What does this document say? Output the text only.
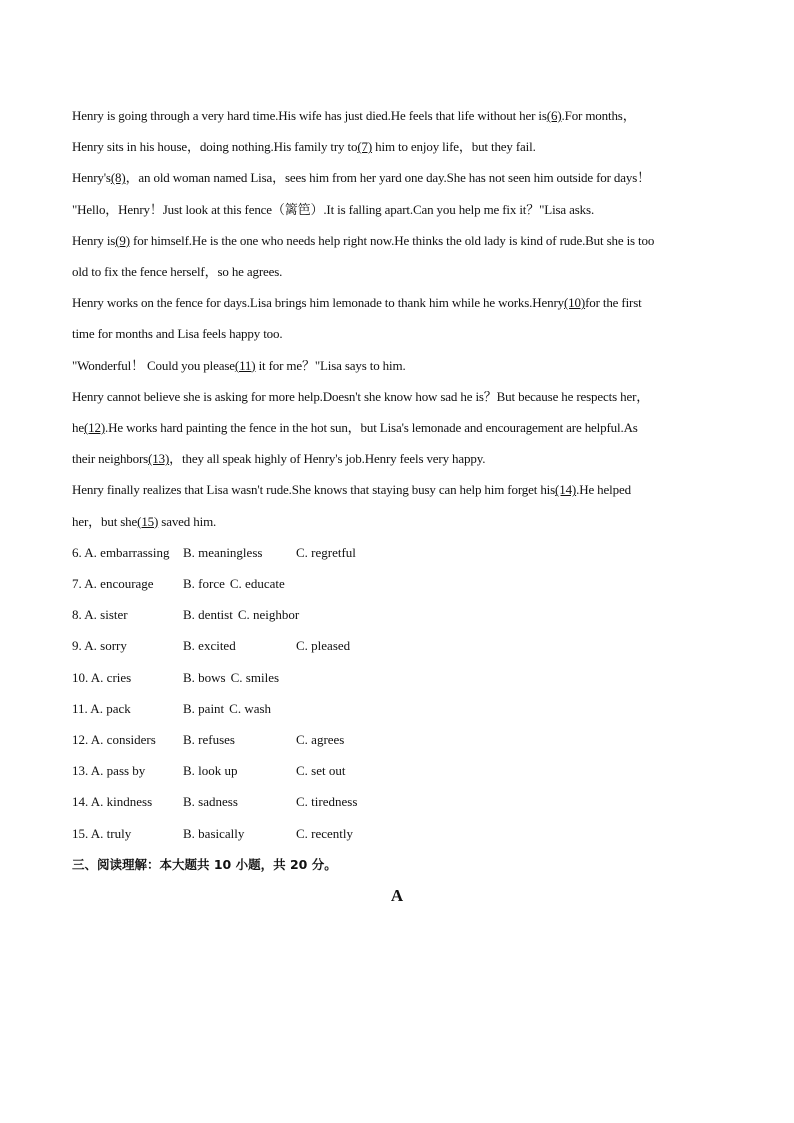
Henry is going through a very hard time.His wife has just died.He feels that life without her is(6).For months，

Henry sits in his house，doing nothing.His family try to(7) him to enjoy life，but they fail.

Henry's(8)，an old woman named Lisa，sees him from her yard one day.She has not seen him outside for days！

"Hello，Henry！Just look at this fence（篱笆）.It is falling apart.Can you help me fix it？"Lisa asks.

Henry is(9) for himself.He is the one who needs help right now.He thinks the old lady is kind of rude.But she is too

old to fix the fence herself，so he agrees.

Henry works on the fence for days.Lisa brings him lemonade to thank him while he works.Henry(10)for the first

time for months and Lisa feels happy too.

"Wonderful！ Could you please(11) it for me？"Lisa says to him.

Henry cannot believe she is asking for more help.Doesn't she know how sad he is？But because he respects her，

he(12).He works hard painting the fence in the hot sun，but Lisa's lemonade and encouragement are helpful.As

their neighbors(13)，they all speak highly of Henry's job.Henry feels very happy.

Henry finally realizes that Lisa wasn't rude.She knows that staying busy can help him forget his(14).He helped

her，but she(15) saved him.

6. A. embarrassing	B. meaningless	C. regretful
7. A. encourage	B. force C. educate
8. A. sister	B. dentist C. neighbor
9. A. sorry	B. excited	C. pleased
10. A. cries	B. bows C. smiles
11. A. pack	B. paint C. wash
12. A. considers	B. refuses	C. agrees
13. A. pass by	B. look up	C. set out
14. A. kindness	B. sadness	C. tiredness
15. A. truly	B. basically	C. recently
三、阅读理解：本大题共 10 小题，共 20 分。
A
